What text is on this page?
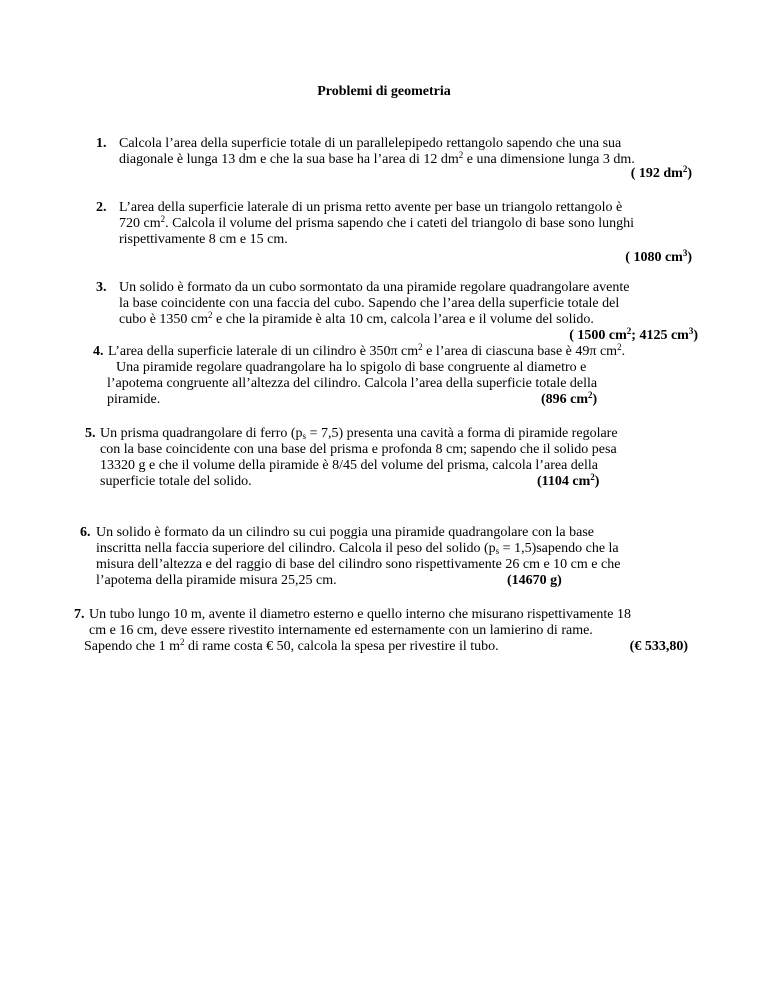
Problemi di geometria
1. Calcola l’area della superficie totale di un parallelepipedo rettangolo sapendo che una sua
diagonale è lunga 13 dm e che la sua base ha l’area di 12 $dm^2$ e una dimensione lunga 3 dm.
( 192 $dm^2$)
2. L’area della superficie laterale di un prisma retto avente per base un triangolo rettangolo è
720 $cm^2$. Calcola il volume del prisma sapendo che i cateti del triangolo di base sono lunghi
rispettivamente 8 cm e 15 cm.
( 1080 $cm^3$)
3. Un solido è formato da un cubo sormontato da una piramide regolare quadrangolare avente
la base coincidente con una faccia del cubo. Sapendo che l’area della superficie totale del
cubo è 1350 $cm^2$ e che la piramide è alta 10 cm, calcola l’area e il volume del solido.
( 1500 $cm^2$; 4125 $cm^3$)
4. L’area della superficie laterale di un cilindro è 350π $cm^2$ e l’area di ciascuna base è 49π $cm^2$.
Una piramide regolare quadrangolare ha lo spigolo di base congruente al diametro e
l’apotema congruente all’altezza del cilindro. Calcola l’area della superficie totale della
piramide.	(896 $cm^2$)
5. Un prisma quadrangolare di ferro $(p_s = 7,5)$ presenta una cavità a forma di piramide regolare
con la base coincidente con una base del prisma e profonda 8 cm; sapendo che il solido pesa
13320 g e che il volume della piramide è 8/45 del volume del prisma, calcola l’area della
superficie totale del solido.	(1104 $cm^2$)
6. Un solido è formato da un cilindro su cui poggia una piramide quadrangolare con la base
inscritta nella faccia superiore del cilindro. Calcola il peso del solido ($p_s$ = 1,5)sapendo che la
misura dell’altezza e del raggio di base del cilindro sono rispettivamente 26 cm e 10 cm e che
l’apotema della piramide misura 25,25 cm.	(14670 g)
7. Un tubo lungo 10 m, avente il diametro esterno e quello interno che misurano rispettivamente 18
cm e 16 cm, deve essere rivestito internamente ed esternamente con un lamierino di rame.
Sapendo che 1 $m^2$ di rame costa € 50, calcola la spesa per rivestire il tubo.	(€ 533,80)
